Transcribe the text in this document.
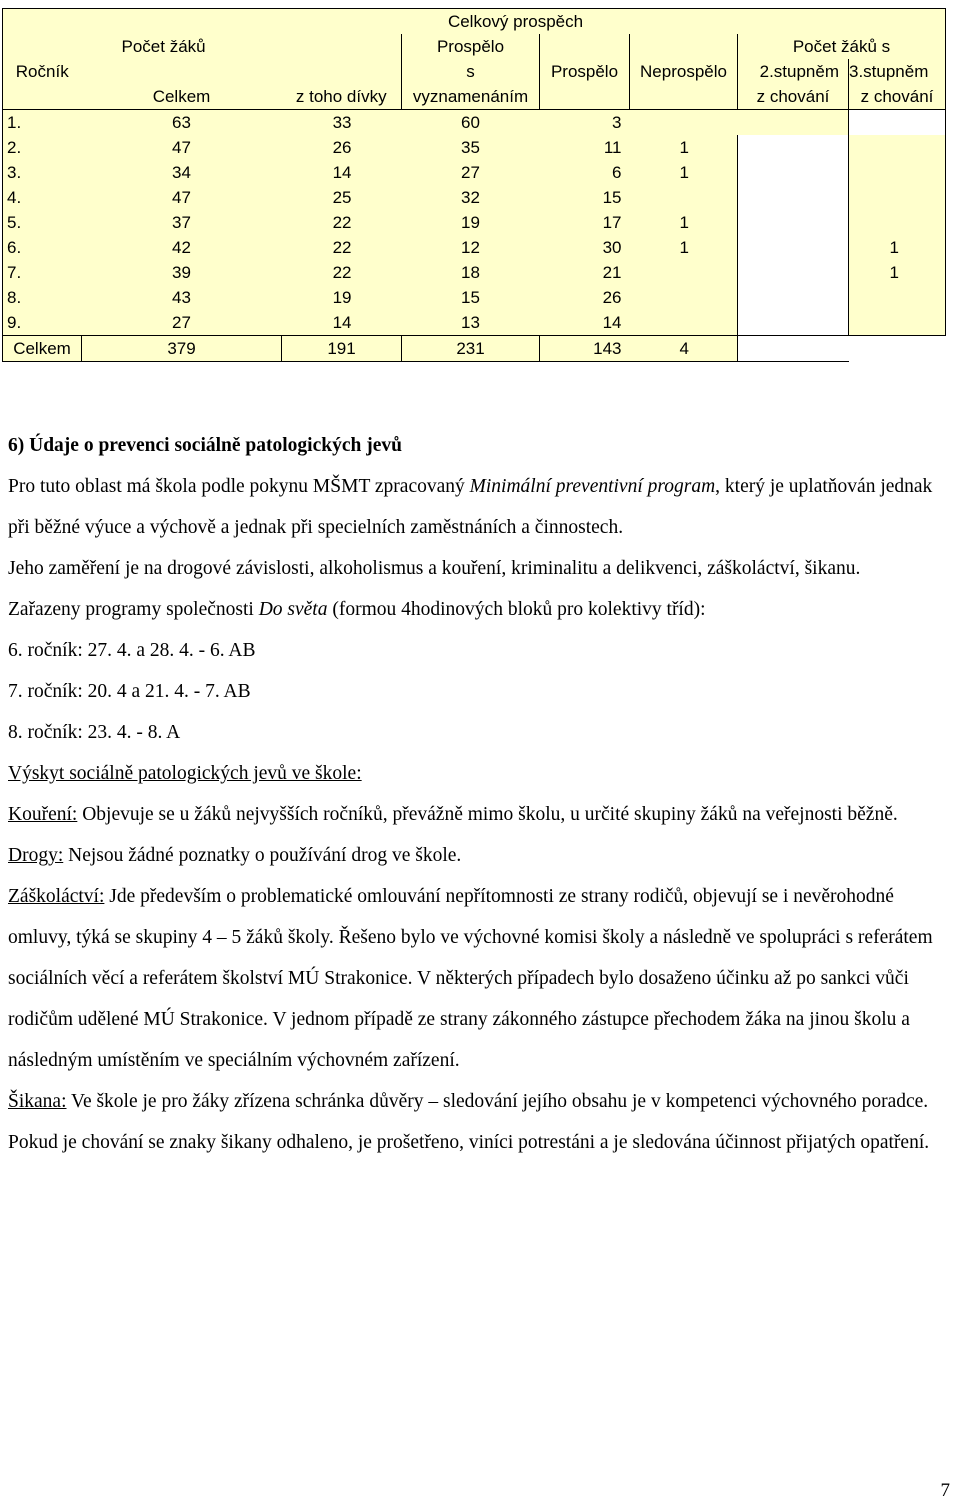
			Celkový prospěch				
	Počet žáků		Prospělo			Počet žáků s	
Ročník			s	Prospělo	Neprospělo	2.stupněm	3.stupněm
	Celkem	z toho dívky	vyznamenáním			z chování	z chování
1.	63	33	60	3			
2.	47	26	35	11	1		
3.	34	14	27	6	1		
4.	47	25	32	15			
5.	37	22	19	17	1		
6.	42	22	12	30	1		1
7.	39	22	18	21			1
8.	43	19	15	26			
9.	27	14	13	14			
Celkem	379	191	231	143	4		

6) Údaje o prevenci sociálně patologických jevů

Pro tuto oblast má škola podle pokynu MŠMT zpracovaný Minimální preventivní program, který je uplatňován jednak při běžné výuce a výchově a jednak při specielních zaměstnáních a činnostech.

Jeho zaměření je na drogové závislosti, alkoholismus a kouření, kriminalitu a delikvenci, záškoláctví, šikanu.

Zařazeny programy společnosti Do světa (formou 4hodinových bloků pro kolektivy tříd):

6. ročník: 27. 4. a 28. 4. - 6. AB

7. ročník: 20. 4 a 21. 4. - 7. AB

8. ročník: 23. 4. - 8. A

Výskyt sociálně patologických jevů ve škole:

Kouření: Objevuje se u žáků nejvyšších ročníků, převážně mimo školu, u určité skupiny žáků na veřejnosti běžně.

Drogy: Nejsou žádné poznatky o používání drog ve škole.

Záškoláctví: Jde především o problematické omlouvání nepřítomnosti ze strany rodičů, objevují se i nevěrohodné omluvy, týká se skupiny 4 – 5 žáků školy. Řešeno bylo ve výchovné komisi školy a následně ve spolupráci s referátem sociálních věcí a referátem školství MÚ Strakonice. V některých případech bylo dosaženo účinku až po sankci vůči rodičům udělené MÚ Strakonice. V jednom případě ze strany zákonného zástupce přechodem žáka na jinou školu a následným umístěním ve speciálním výchovném zařízení.

Šikana: Ve škole je pro žáky zřízena schránka důvěry – sledování jejího obsahu je v kompetenci výchovného poradce. Pokud je chování se znaky šikany odhaleno, je prošetřeno, viníci potrestáni a je sledována účinnost přijatých opatření.

7
